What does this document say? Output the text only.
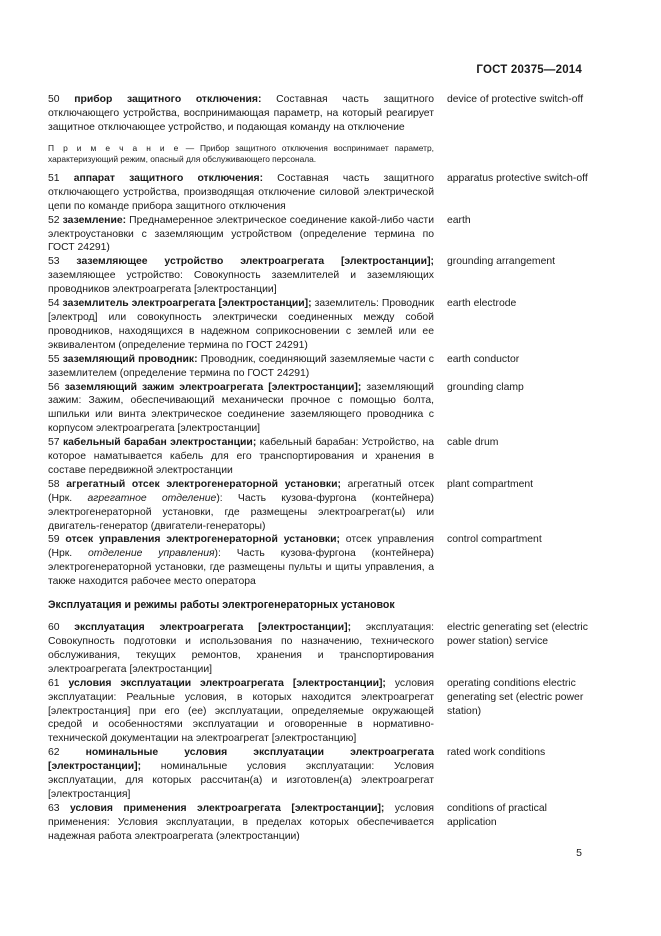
ГОСТ 20375—2014
50 прибор защитного отключения: Составная часть защитного отключающего устройства, воспринимающая параметр, на который реагирует защитное отключающее устройство, и подающая команду на отключение
device of protective switch-off
П р и м е ч а н и е — Прибор защитного отключения воспринимает параметр, характеризующий режим, опасный для обслуживающего персонала.
51 аппарат защитного отключения: Составная часть защитного отключающего устройства, производящая отключение силовой электрической цепи по команде прибора защитного отключения
apparatus protective switch-off
52 заземление: Преднамеренное электрическое соединение какой-либо части электроустановки с заземляющим устройством (определение термина по ГОСТ 24291)
earth
53 заземляющее устройство электроагрегата [электростанции]; заземляющее устройство: Совокупность заземлителей и заземляющих проводников электроагрегата [электростанции]
grounding arrangement
54 заземлитель электроагрегата [электростанции]; заземлитель: Проводник [электрод] или совокупность электрически соединенных между собой проводников, находящихся в надежном соприкосновении с землей или ее эквивалентом (определение термина по ГОСТ 24291)
earth electrode
55 заземляющий проводник: Проводник, соединяющий заземляемые части с заземлителем (определение термина по ГОСТ 24291)
earth conductor
56 заземляющий зажим электроагрегата [электростанции]; заземляющий зажим: Зажим, обеспечивающий механически прочное с помощью болта, шпильки или винта электрическое соединение заземляющего проводника с корпусом электроагрегата [электростанции]
grounding clamp
57 кабельный барабан электростанции; кабельный барабан: Устройство, на которое наматывается кабель для его транспортирования и хранения в составе передвижной электростанции
cable drum
58 агрегатный отсек электрогенераторной установки; агрегатный отсек (Нрк. агрегатное отделение): Часть кузова-фургона (контейнера) электрогенераторной установки, где размещены электроагрегат(ы) или двигатель-генератор (двигатели-генераторы)
plant compartment
59 отсек управления электрогенераторной установки; отсек управления (Нрк. отделение управления): Часть кузова-фургона (контейнера) электрогенераторной установки, где размещены пульты и щиты управления, а также находится рабочее место оператора
control compartment
Эксплуатация и режимы работы электрогенераторных установок
60 эксплуатация электроагрегата [электростанции]; эксплуатация: Совокупность подготовки и использования по назначению, технического обслуживания, текущих ремонтов, хранения и транспортирования электроагрегата [электростанции]
electric generating set (electric power station) service
61 условия эксплуатации электроагрегата [электростанции]; условия эксплуатации: Реальные условия, в которых находится электроагрегат [электростанция] при его (ее) эксплуатации, определяемые окружающей средой и особенностями эксплуатации и оговоренные в нормативно-технической документации на электроагрегат [электростанцию]
operating conditions electric generating set (electric power station)
62	номинальные условия эксплуатации электроагрегата [электростанции]; номинальные условия эксплуатации: Условия эксплуатации, для которых рассчитан(а) и изготовлен(а) электроагрегат [электростанция]
rated work conditions
63 условия применения электроагрегата [электростанции]; условия применения: Условия эксплуатации, в пределах которых обеспечивается надежная работа электроагрегата (электростанции)
conditions of practical application
5
